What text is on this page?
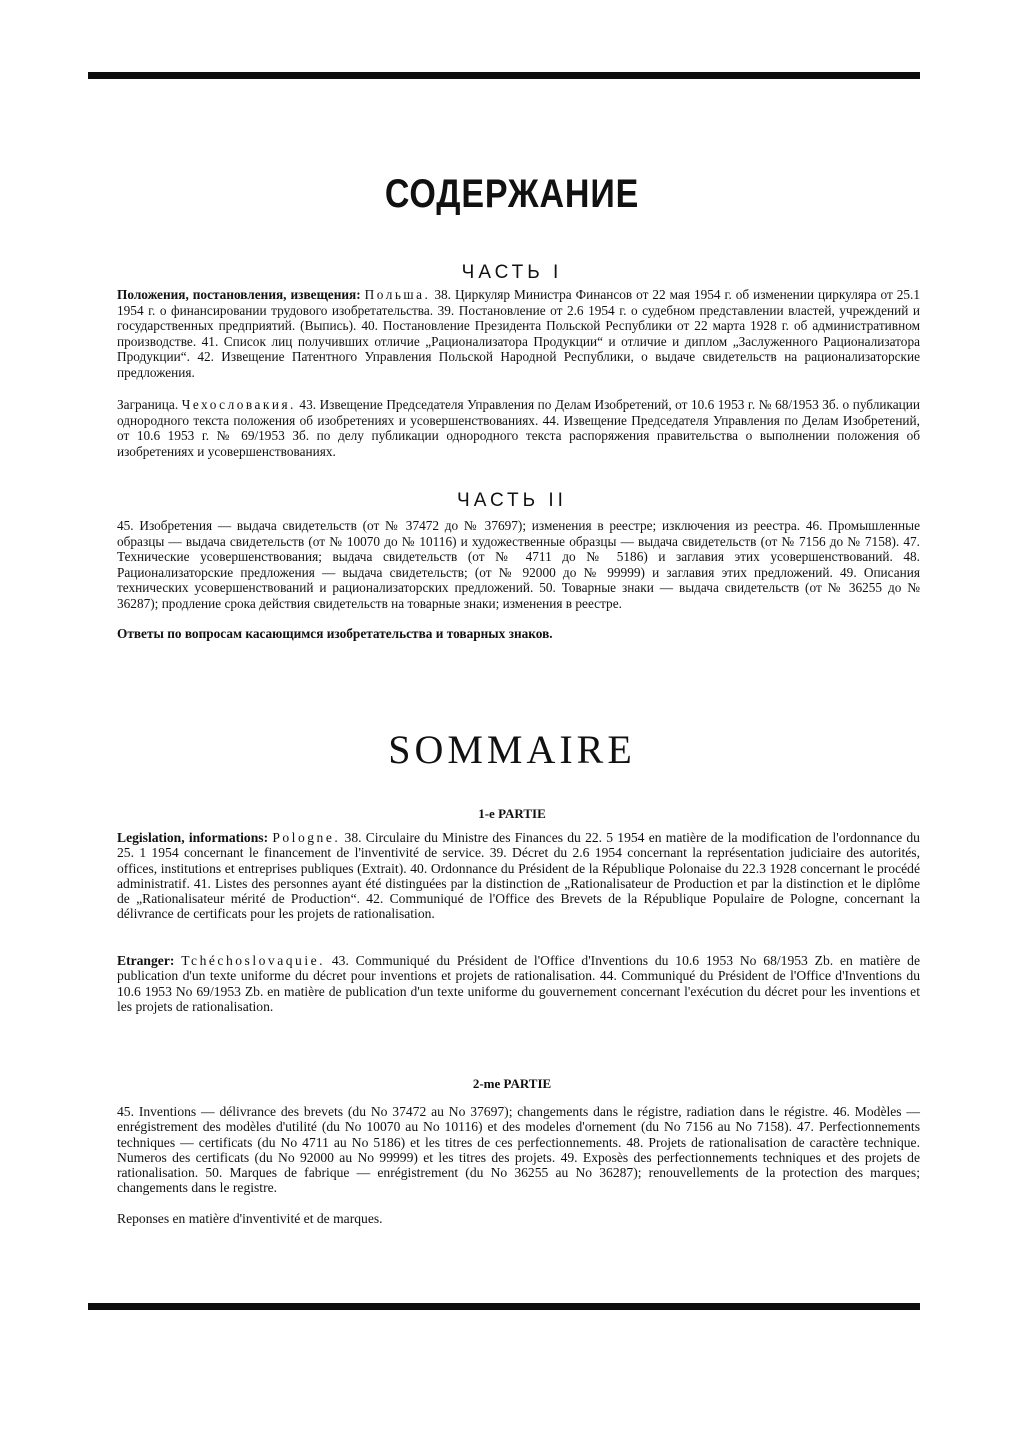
СОДЕРЖАНИЕ
ЧАСТЬ I
Положения, постановления, извещения: Польша. 38. Циркуляр Министра Финансов от 22 мая 1954 г. об изменении циркуляра от 25.1 1954 г. о финансировании трудового изобретательства. 39. Постановление от 2.6 1954 г. о судебном представлении властей, учреждений и государственных предприятий. (Выпись). 40. Постановление Президента Польской Республики от 22 марта 1928 г. об административном производстве. 41. Список лиц получивших отличие „Рационализатора Продукции“ и отличие и диплом „Заслуженного Рационализатора Продукции“. 42. Извещение Патентного Управления Польской Народной Республики, о выдаче свидетельств на рационализаторские предложения.
Заграница. Чехословакия. 43. Извещение Председателя Управления по Делам Изобретений, от 10.6 1953 г. № 68/1953 Зб. о публикации однородного текста положения об изобретениях и усовершенствованиях. 44. Извещение Председателя Управления по Делам Изобретений, от 10.6 1953 г. № 69/1953 Зб. по делу публикации однородного текста распоряжения правительства о выполнении положения об изобретениях и усовершенствованиях.
ЧАСТЬ II
45. Изобретения — выдача свидетельств (от № 37472 до № 37697); изменения в реестре; изключения из реестра. 46. Промышленные образцы — выдача свидетельств (от № 10070 до № 10116) и художественные образцы — выдача свидетельств (от № 7156 до № 7158). 47. Технические усовершенствования; выдача свидетельств (от № 4711 до № 5186) и заглавия этих усовершенствований. 48. Рационализаторские предложения — выдача свидетельств; (от № 92000 до № 99999) и заглавия этих предложений. 49. Описания технических усовершенствований и рационализаторских предложений. 50. Товарные знаки — выдача свидетельств (от № 36255 до № 36287); продление срока действия свидетельств на товарные знаки; изменения в реестре.
Ответы по вопросам касающимся изобретательства и товарных знаков.
SOMMAIRE
1-e PARTIE
Legislation, informations: Pologne. 38. Circulaire du Ministre des Finances du 22. 5 1954 en matière de la modification de l'ordonnance du 25. 1 1954 concernant le financement de l'inventivité de service. 39. Décret du 2.6 1954 concernant la représentation judiciaire des autorités, offices, institutions et entreprises publiques (Extrait). 40. Ordonnance du Président de la République Polonaise du 22.3 1928 concernant le procédé administratif. 41. Listes des personnes ayant été distinguées par la distinction de „Rationalisateur de Production et par la distinction et le diplôme de „Rationalisateur mérité de Production“. 42. Communiqué de l'Office des Brevets de la République Populaire de Pologne, concernant la délivrance de certificats pour les projets de rationalisation.
Etranger: Tchéchoslovaquie. 43. Communiqué du Président de l'Office d'Inventions du 10.6 1953 No 68/1953 Zb. en matière de publication d'un texte uniforme du décret pour inventions et projets de rationalisation. 44. Communiqué du Président de l'Office d'Inventions du 10.6 1953 No 69/1953 Zb. en matière de publication d'un texte uniforme du gouvernement concernant l'exécution du décret pour les inventions et les projets de rationalisation.
2-me PARTIE
45. Inventions — délivrance des brevets (du No 37472 au No 37697); changements dans le régistre, radiation dans le régistre. 46. Modèles — enrégistrement des modèles d'utilité (du No 10070 au No 10116) et des modeles d'ornement (du No 7156 au No 7158). 47. Perfectionnements techniques — certificats (du No 4711 au No 5186) et les titres de ces perfectionnements. 48. Projets de rationalisation de caractère technique. Numeros des certificats (du No 92000 au No 99999) et les titres des projets. 49. Exposès des perfectionnements techniques et des projets de rationalisation. 50. Marques de fabrique — enrégistrement (du No 36255 au No 36287); renouvellements de la protection des marques; changements dans le registre.
Reponses en matière d'inventivité et de marques.
